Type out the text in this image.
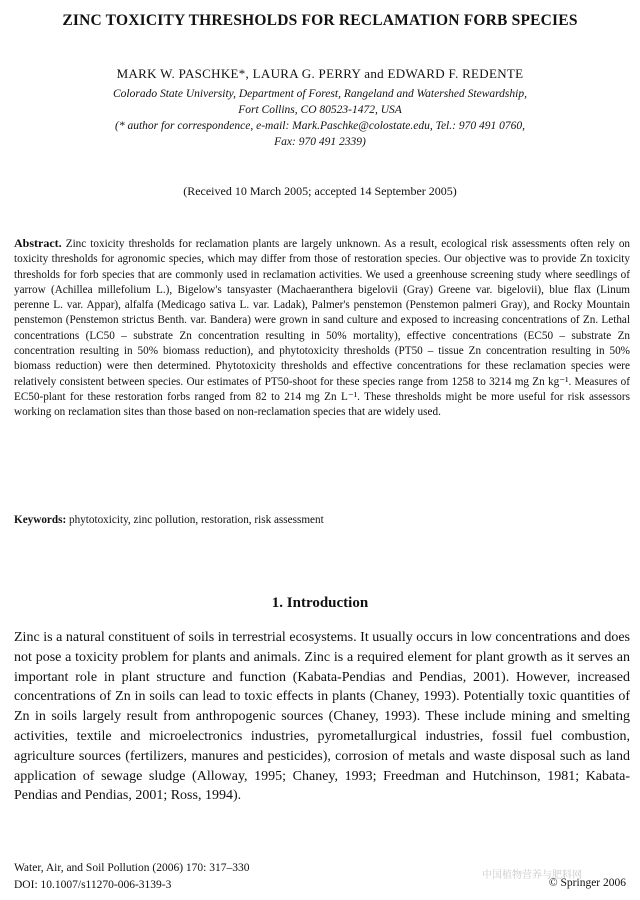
ZINC TOXICITY THRESHOLDS FOR RECLAMATION FORB SPECIES
MARK W. PASCHKE*, LAURA G. PERRY and EDWARD F. REDENTE
Colorado State University, Department of Forest, Rangeland and Watershed Stewardship,
Fort Collins, CO 80523-1472, USA
(* author for correspondence, e-mail: Mark.Paschke@colostate.edu, Tel.: 970 491 0760,
Fax: 970 491 2339)
(Received 10 March 2005; accepted 14 September 2005)
Abstract. Zinc toxicity thresholds for reclamation plants are largely unknown. As a result, ecological risk assessments often rely on toxicity thresholds for agronomic species, which may differ from those of restoration species. Our objective was to provide Zn toxicity thresholds for forb species that are commonly used in reclamation activities. We used a greenhouse screening study where seedlings of yarrow (Achillea millefolium L.), Bigelow's tansyaster (Machaeranthera bigelovii (Gray) Greene var. bigelovii), blue flax (Linum perenne L. var. Appar), alfalfa (Medicago sativa L. var. Ladak), Palmer's penstemon (Penstemon palmeri Gray), and Rocky Mountain penstemon (Penstemon strictus Benth. var. Bandera) were grown in sand culture and exposed to increasing concentrations of Zn. Lethal concentrations (LC50 – substrate Zn concentration resulting in 50% mortality), effective concentrations (EC50 – substrate Zn concentration resulting in 50% biomass reduction), and phytotoxicity thresholds (PT50 – tissue Zn concentration resulting in 50% biomass reduction) were then determined. Phytotoxicity thresholds and effective concentrations for these reclamation species were relatively consistent between species. Our estimates of PT50-shoot for these species range from 1258 to 3214 mg Zn kg⁻¹. Measures of EC50-plant for these restoration forbs ranged from 82 to 214 mg Zn L⁻¹. These thresholds might be more useful for risk assessors working on reclamation sites than those based on non-reclamation species that are widely used.
Keywords: phytotoxicity, zinc pollution, restoration, risk assessment
1. Introduction
Zinc is a natural constituent of soils in terrestrial ecosystems. It usually occurs in low concentrations and does not pose a toxicity problem for plants and animals. Zinc is a required element for plant growth as it serves an important role in plant structure and function (Kabata-Pendias and Pendias, 2001). However, increased concentrations of Zn in soils can lead to toxic effects in plants (Chaney, 1993). Potentially toxic quantities of Zn in soils largely result from anthropogenic sources (Chaney, 1993). These include mining and smelting activities, textile and microelectronics industries, pyrometallurgical industries, fossil fuel combustion, agriculture sources (fertilizers, manures and pesticides), corrosion of metals and waste disposal such as land application of sewage sludge (Alloway, 1995; Chaney, 1993; Freedman and Hutchinson, 1981; Kabata-Pendias and Pendias, 2001; Ross, 1994).
Water, Air, and Soil Pollution (2006) 170: 317–330
DOI: 10.1007/s11270-006-3139-3
中国植物营养与肥料网
© Springer 2006
